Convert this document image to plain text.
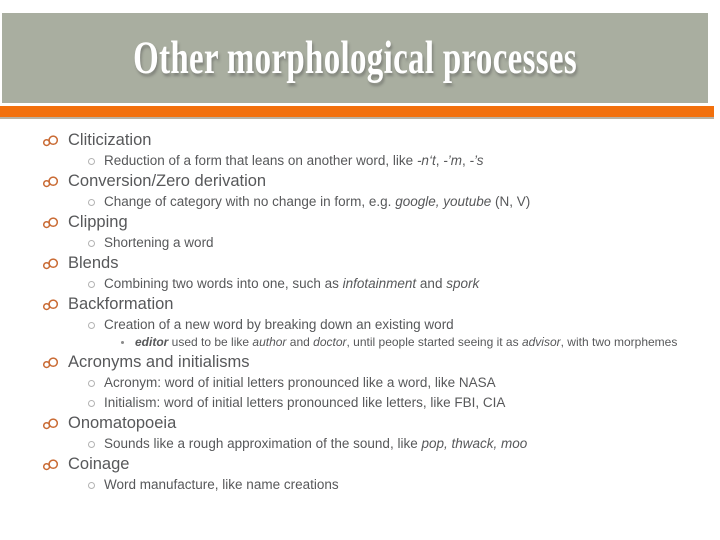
Other morphological processes
Cliticization
Reduction of a form that leans on another word, like -n‘t, -’m, -’s
Conversion/Zero derivation
Change of category with no change in form, e.g. google, youtube (N, V)
Clipping
Shortening a word
Blends
Combining two words into one, such as infotainment and spork
Backformation
Creation of a new word by breaking down an existing word
editor used to be like author and doctor, until people started seeing it as advisor, with two morphemes
Acronyms and initialisms
Acronym: word of initial letters pronounced like a word, like NASA
Initialism: word of initial letters pronounced like letters, like FBI, CIA
Onomatopoeia
Sounds like a rough approximation of the sound, like pop, thwack, moo
Coinage
Word manufacture, like name creations
